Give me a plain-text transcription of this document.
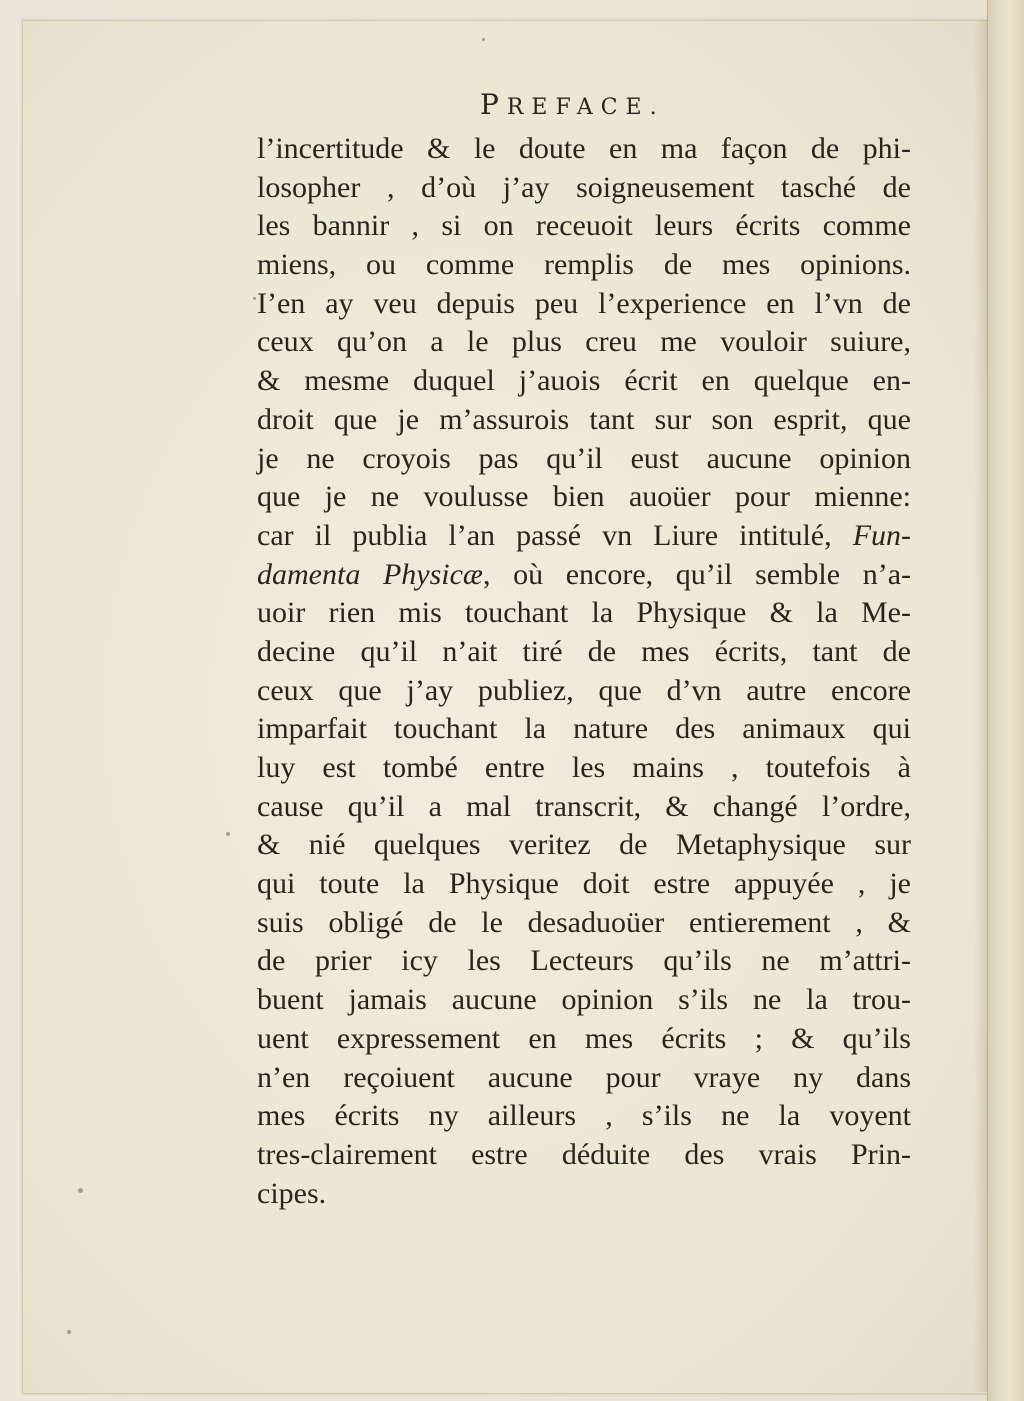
PREFACE.
l’incertitude & le doute en ma façon de phi-
losopher , d’où j’ay soigneusement tasché de
les bannir , si on receuoit leurs écrits comme
miens, ou comme remplis de mes opinions.
I’en ay veu depuis peu l’experience en l’vn de
ceux qu’on a le plus creu me vouloir suiure,
& mesme duquel j’auois écrit en quelque en-
droit que je m’assurois tant sur son esprit, que
je ne croyois pas qu’il eust aucune opinion
que je ne voulusse bien auoüer pour mienne:
car il publia l’an passé vn Liure intitulé, Fun-
damenta Physicæ, où encore, qu’il semble n’a-
uoir rien mis touchant la Physique & la Me-
decine qu’il n’ait tiré de mes écrits, tant de
ceux que j’ay publiez, que d’vn autre encore
imparfait touchant la nature des animaux qui
luy est tombé entre les mains , toutefois à
cause qu’il a mal transcrit, & changé l’ordre,
& nié quelques veritez de Metaphysique sur
qui toute la Physique doit estre appuyée , je
suis obligé de le desaduoüer entierement , &
de prier icy les Lecteurs qu’ils ne m’attri-
buent jamais aucune opinion s’ils ne la trou-
uent expressement en mes écrits ; & qu’ils
n’en reçoiuent aucune pour vraye ny dans
mes écrits ny ailleurs , s’ils ne la voyent
tres-clairement estre déduite des vrais Prin-
cipes.
